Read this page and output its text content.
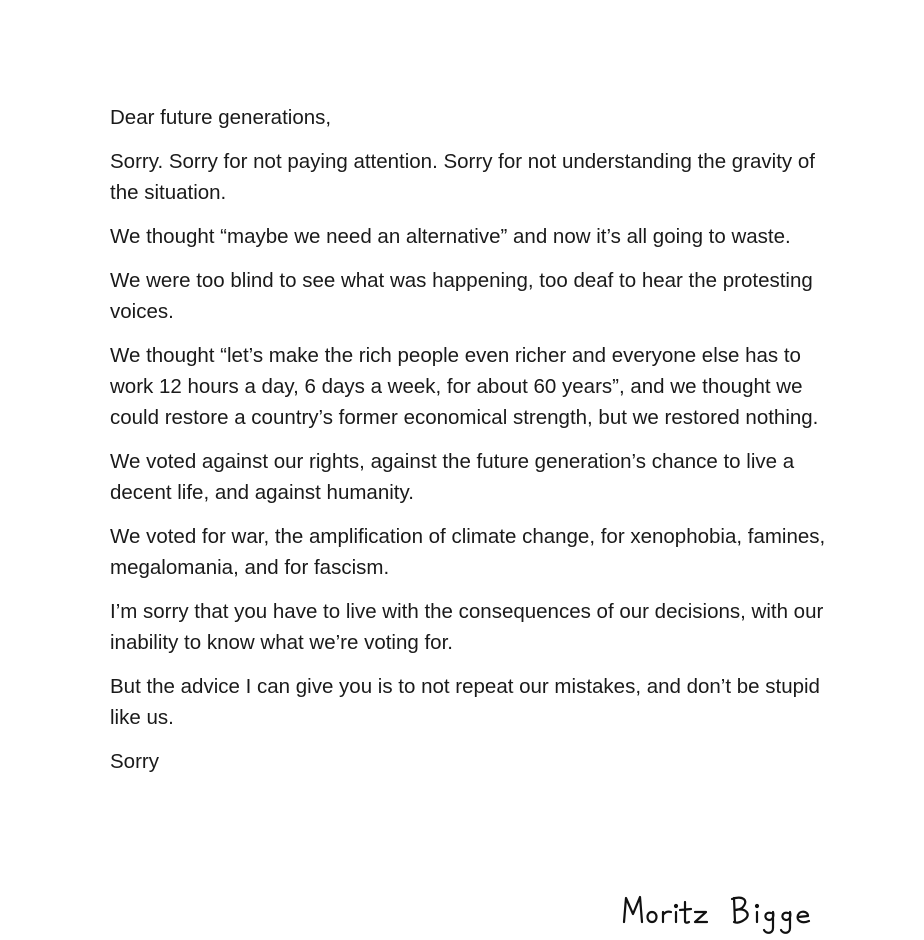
Dear future generations,

Sorry. Sorry for not paying attention. Sorry for not understanding the gravity of the situation.

We thought “maybe we need an alternative” and now it’s all going to waste.

We were too blind to see what was happening, too deaf to hear the protesting voices.

We thought “let’s make the rich people even richer and everyone else has to work 12 hours a day, 6 days a week, for about 60 years”, and we thought we could restore a country’s former economical strength, but we restored nothing.

We voted against our rights, against the future generation’s chance to live a decent life, and against humanity.

We voted for war, the amplification of climate change, for xenophobia, famines, megalomania, and for fascism.

I’m sorry that you have to live with the consequences of our decisions, with our inability to know what we’re voting for.

But the advice I can give you is to not repeat our mistakes, and don’t be stupid like us.

Sorry
